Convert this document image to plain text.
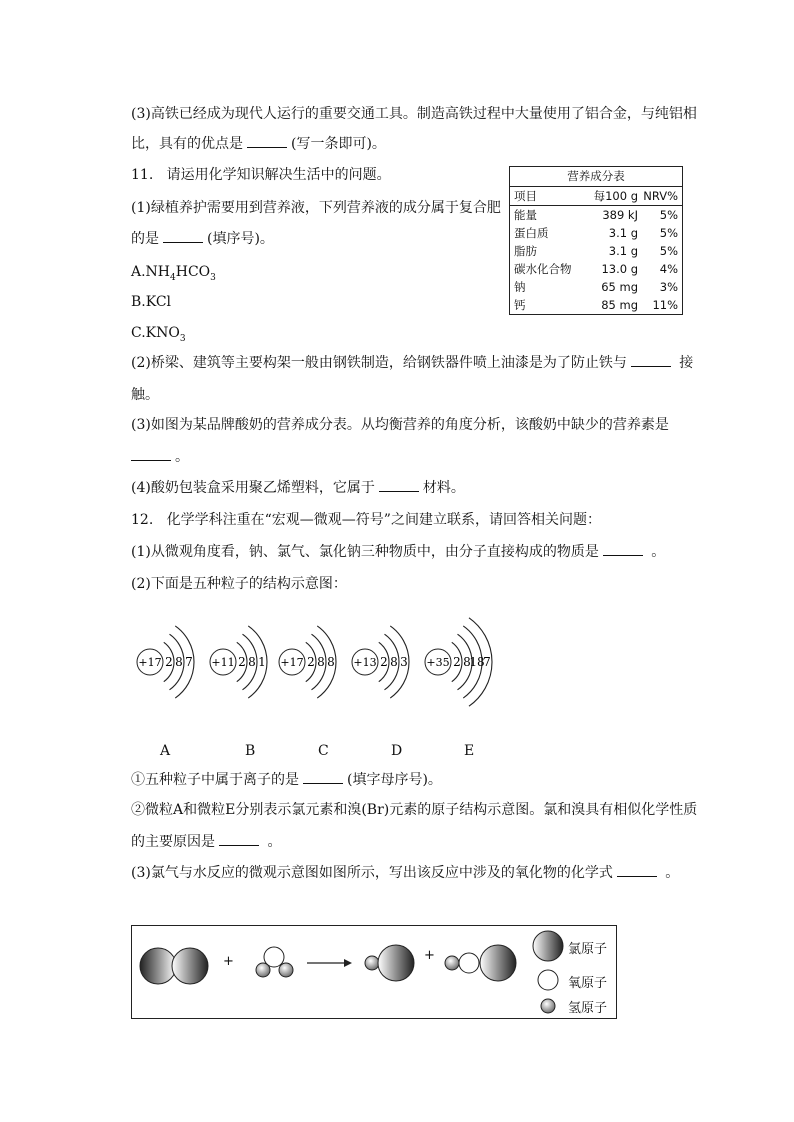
(3)高铁已经成为现代人运行的重要交通工具。制造高铁过程中大量使用了铝合金，与纯铝相
比，具有的优点是	(写一条即可)。
11. 请运用化学知识解决生活中的问题。
(1)绿植养护需要用到营养液，下列营养液的成分属于复合肥
的是	(填序号)。
$A.NH_4HCO_3$
B.KCl
$C.KNO_3$
(2)桥梁、建筑等主要构架一般由钢铁制造，给钢铁器件喷上油漆是为了防止铁与	接
触。
(3)如图为某品牌酸奶的营养成分表。从均衡营养的角度分析，该酸奶中缺少的营养素是
。
(4)酸奶包装盒采用聚乙烯塑料，它属于	材料。
12. 化学学科注重在“宏观—微观—符号”之间建立联系，请回答相关问题：
(1)从微观角度看，钠、氯气、氯化钠三种物质中，由分子直接构成的物质是	。
(2)下面是五种粒子的结构示意图：
营养成分表
项目	每100 g NRV%
能量	389 kJ	5%
蛋白质	3.1 g	5%
脂肪	3.1 g	5%
碳水化合物	13.0 g	4%
钠	65 mg	3%
钙	85 mg	11%
+17 2 8 7 +11 2 8 1 +17 2 8 8 +13 2 8 3 +35 2 8
18
7
A	B	C	D	E
①五种粒子中属于离子的是	(填字母序号)。
②微粒A和微粒E分别表示氯元素和溴(Br)元素的原子结构示意图。氯和溴具有相似化学性质
的主要原因是	。
(3)氯气与水反应的微观示意图如图所示，写出该反应中涉及的氧化物的化学式	。
+	+	氯原子
氧原子
氢原子
